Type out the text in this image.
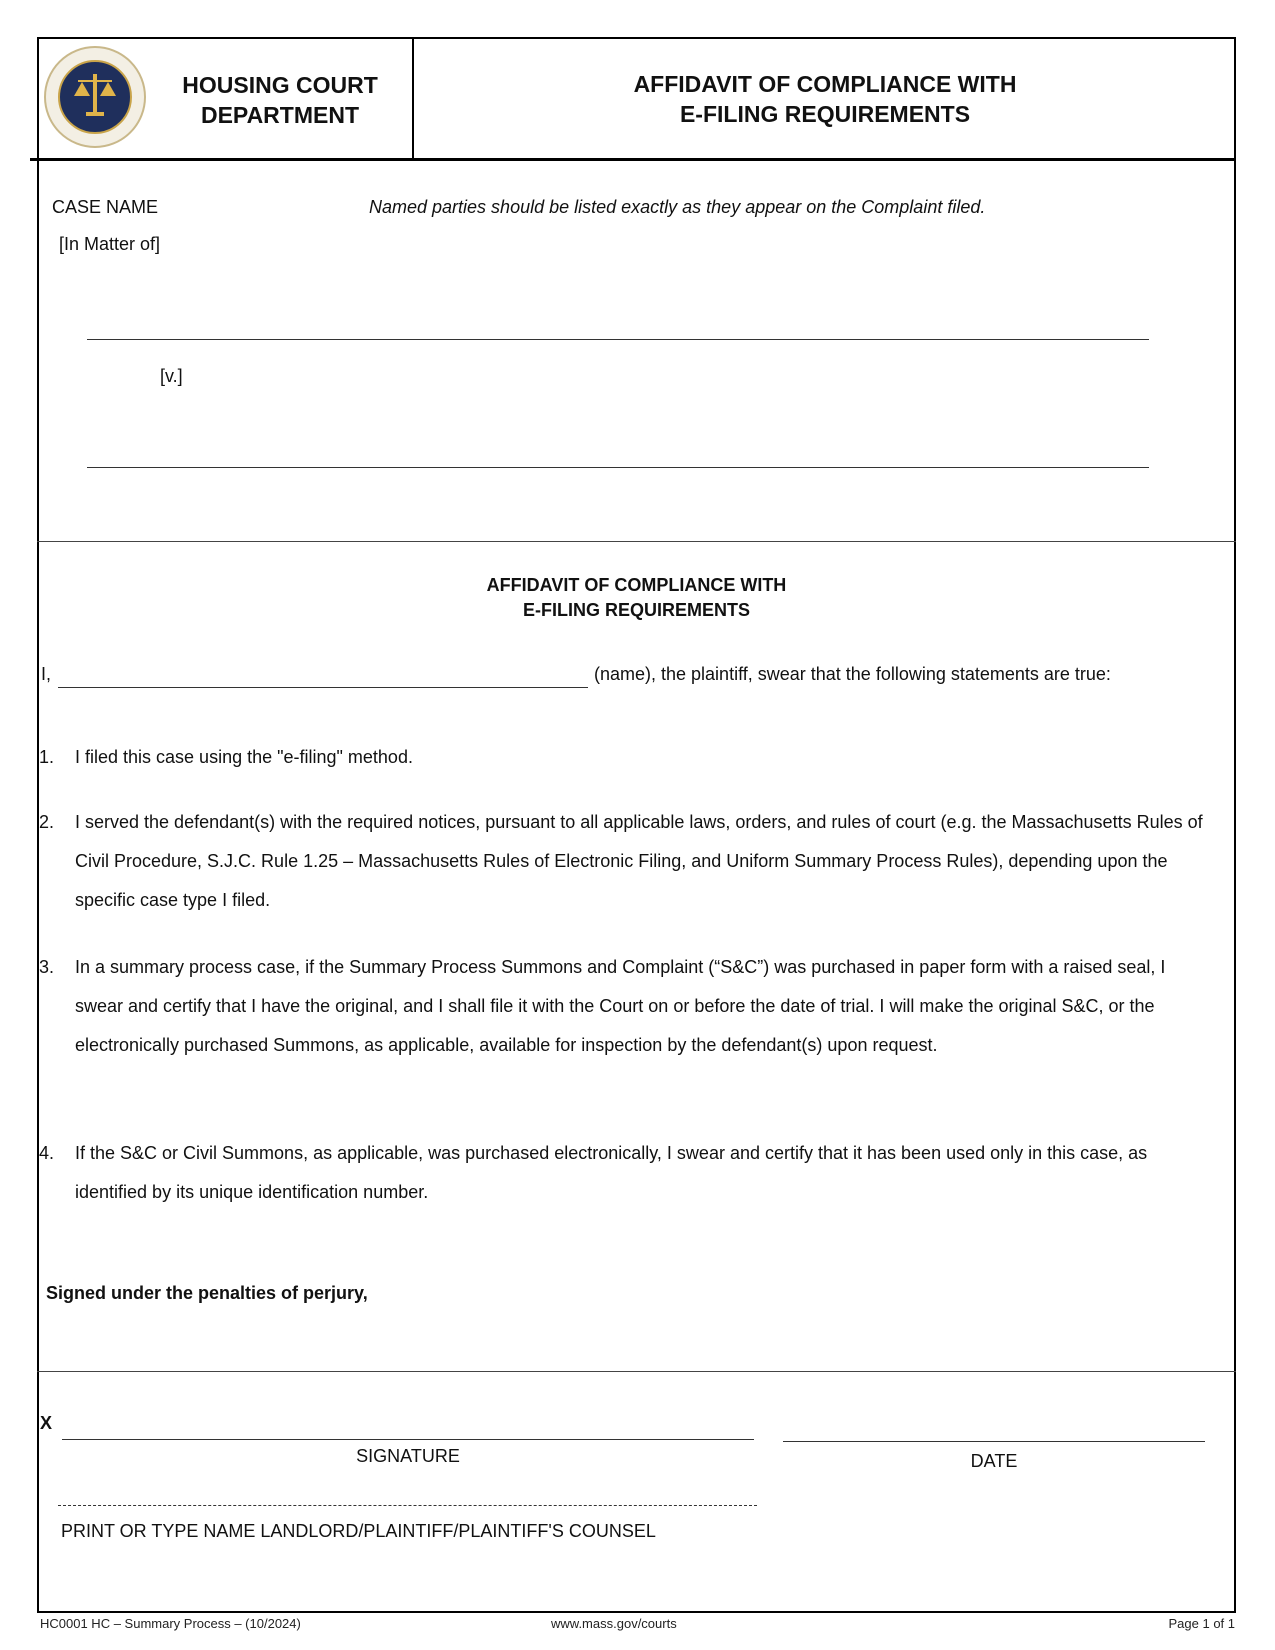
HOUSING COURT
DEPARTMENT
AFFIDAVIT OF COMPLIANCE WITH
E-FILING REQUIREMENTS
CASE NAME	Named parties should be listed exactly as they appear on the Complaint filed.
[In Matter of]
[v.]
AFFIDAVIT OF COMPLIANCE WITH
E-FILING REQUIREMENTS
I,	(name), the plaintiff, swear that the following statements are true:
1. I filed this case using the "e-filing" method.
2. I served the defendant(s) with the required notices, pursuant to all applicable laws, orders, and rules of court (e.g. the Massachusetts Rules of Civil Procedure, S.J.C. Rule 1.25 – Massachusetts Rules of Electronic Filing, and Uniform Summary Process Rules), depending upon the specific case type I filed.
3. In a summary process case, if the Summary Process Summons and Complaint (“S&C”) was purchased in paper form with a raised seal, I swear and certify that I have the original, and I shall file it with the Court on or before the date of trial. I will make the original S&C, or the electronically purchased Summons, as applicable, available for inspection by the defendant(s) upon request.
4. If the S&C or Civil Summons, as applicable, was purchased electronically, I swear and certify that it has been used only in this case, as identified by its unique identification number.
Signed under the penalties of perjury,
X
SIGNATURE	DATE
PRINT OR TYPE NAME LANDLORD/PLAINTIFF/PLAINTIFF'S COUNSEL
HC0001 HC – Summary Process – (10/2024)	www.mass.gov/courts	Page 1 of 1
